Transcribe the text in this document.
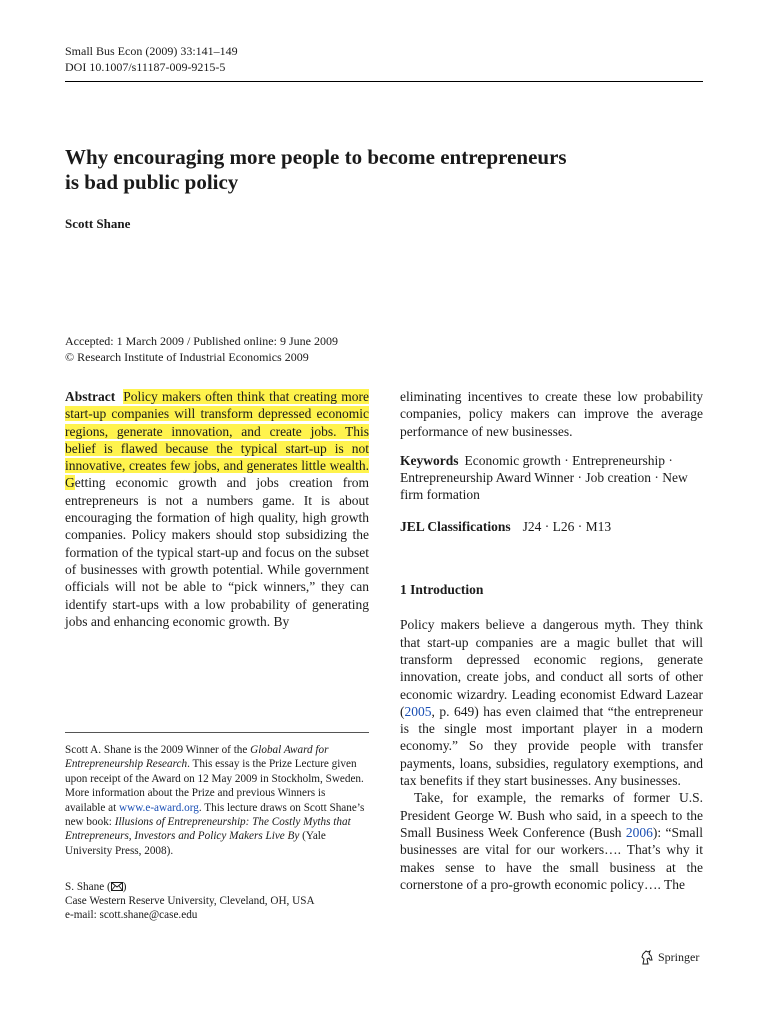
Small Bus Econ (2009) 33:141–149
DOI 10.1007/s11187-009-9215-5
Why encouraging more people to become entrepreneurs
is bad public policy
Scott Shane
Accepted: 1 March 2009 / Published online: 9 June 2009
© Research Institute of Industrial Economics 2009

Abstract Policy makers often think that creating more start-up companies will transform depressed economic regions, generate innovation, and create jobs. This belief is flawed because the typical start-up is not innovative, creates few jobs, and generates little wealth. Getting economic growth and jobs creation from entrepreneurs is not a numbers game. It is about encouraging the formation of high quality, high growth companies. Policy makers should stop subsidizing the formation of the typical start-up and focus on the subset of businesses with growth potential. While government officials will not be able to “pick winners,” they can identify start-ups with a low probability of generating jobs and enhancing economic growth. By

Scott A. Shane is the 2009 Winner of the Global Award for Entrepreneurship Research. This essay is the Prize Lecture given upon receipt of the Award on 12 May 2009 in Stockholm, Sweden. More information about the Prize and previous Winners is available at www.e-award.org. This lecture draws on Scott Shane’s new book: Illusions of Entrepreneurship: The Costly Myths that Entrepreneurs, Investors and Policy Makers Live By (Yale University Press, 2008).
S. Shane ( )
Case Western Reserve University, Cleveland, OH, USA
e-mail: scott.shane@case.edu

eliminating incentives to create these low probability companies, policy makers can improve the average performance of new businesses.

Keywords Economic growth · Entrepreneurship · Entrepreneurship Award Winner · Job creation · New firm formation
JEL Classifications J24 · L26 · M13
1 Introduction

Policy makers believe a dangerous myth. They think that start-up companies are a magic bullet that will transform depressed economic regions, generate innovation, create jobs, and conduct all sorts of other economic wizardry. Leading economist Edward Lazear (2005, p. 649) has even claimed that “the entrepreneur is the single most important player in a modern economy.” So they provide people with transfer payments, loans, subsidies, regulatory exemptions, and tax benefits if they start businesses. Any businesses.

Take, for example, the remarks of former U.S. President George W. Bush who said, in a speech to the Small Business Week Conference (Bush 2006): “Small businesses are vital for our workers…. That’s why it makes sense to have the small business at the cornerstone of a pro-growth economic policy…. The

Springer
